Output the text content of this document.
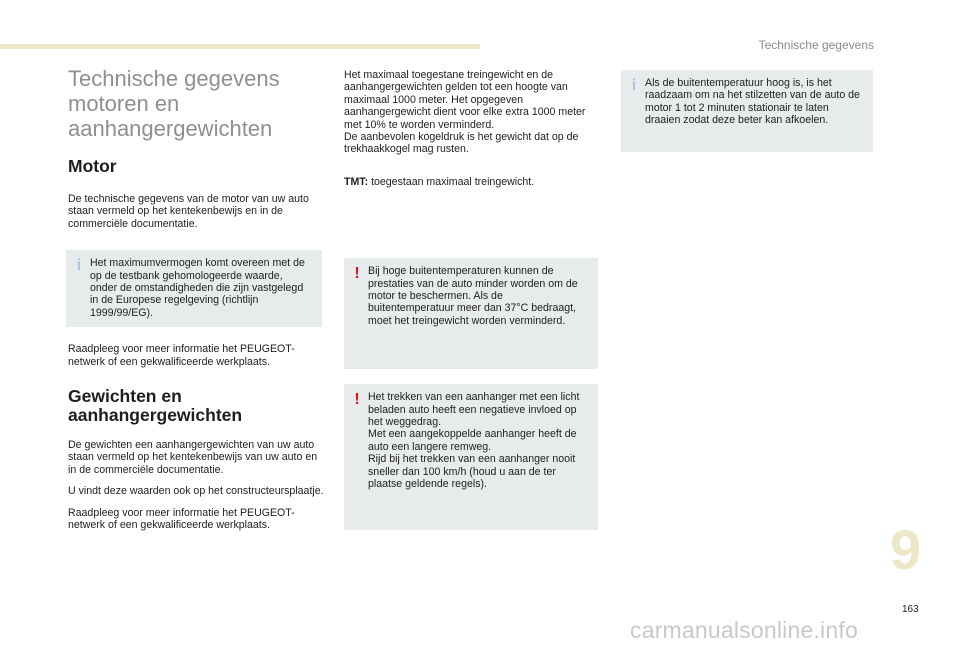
Technische gegevens
Technische gegevens
motoren en
aanhangergewichten
Motor

De technische gegevens van de motor van uw auto staan vermeld op het kentekenbewijs en in de commerciële documentatie.

i Het maximumvermogen komt overeen met de op de testbank gehomologeerde waarde, onder de omstandigheden die zijn vastgelegd in de Europese regelgeving (richtlijn 1999/99/EG).

Raadpleeg voor meer informatie het PEUGEOT-netwerk of een gekwalificeerde werkplaats.

Gewichten en
aanhangergewichten

De gewichten een aanhangergewichten van uw auto staan vermeld op het kentekenbewijs van uw auto en in de commerciële documentatie.

U vindt deze waarden ook op het constructeursplaatje.

Raadpleeg voor meer informatie het PEUGEOT-netwerk of een gekwalificeerde werkplaats.

Het maximaal toegestane treingewicht en de aanhangergewichten gelden tot een hoogte van maximaal 1000 meter. Het opgegeven aanhangergewicht dient voor elke extra 1000 meter met 10% te worden verminderd.

De aanbevolen kogeldruk is het gewicht dat op de trekhaakkogel mag rusten.

TMT: toegestaan maximaal treingewicht.

! Bij hoge buitentemperaturen kunnen de prestaties van de auto minder worden om de motor te beschermen. Als de buitentemperatuur meer dan 37°C bedraagt, moet het treingewicht worden verminderd.

! Het trekken van een aanhanger met een licht beladen auto heeft een negatieve invloed op het weggedrag.

Met een aangekoppelde aanhanger heeft de auto een langere remweg.

Rijd bij het trekken van een aanhanger nooit sneller dan 100 km/h (houd u aan de ter plaatse geldende regels).

i Als de buitentemperatuur hoog is, is het raadzaam om na het stilzetten van de auto de motor 1 tot 2 minuten stationair te laten draaien zodat deze beter kan afkoelen.

9
163
carmanualsonline.info
